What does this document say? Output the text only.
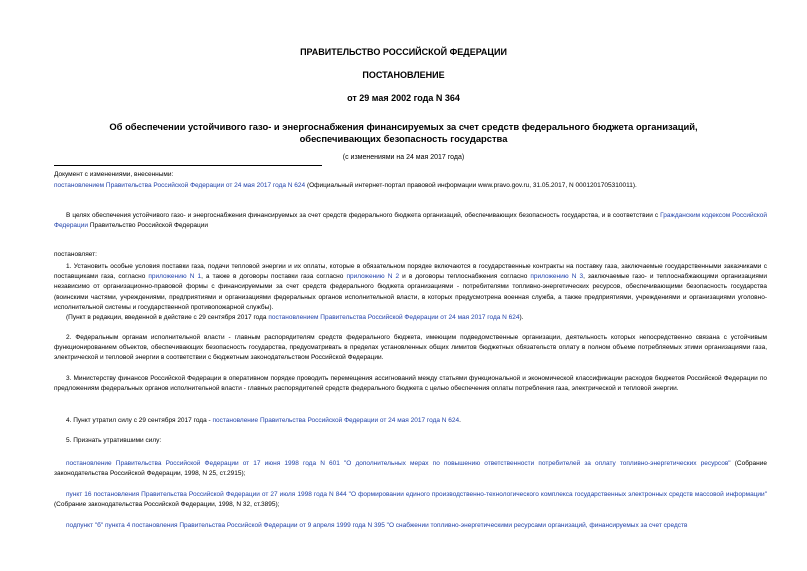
ПРАВИТЕЛЬСТВО РОССИЙСКОЙ ФЕДЕРАЦИИ
ПОСТАНОВЛЕНИЕ
от 29 мая 2002 года N 364
Об обеспечении устойчивого газо- и энергоснабжения финансируемых за счет средств федерального бюджета организаций, обеспечивающих безопасность государства
(с изменениями на 24 мая 2017 года)
Документ с изменениями, внесенными:
постановлением Правительства Российской Федерации от 24 мая 2017 года N 624 (Официальный интернет-портал правовой информации www.pravo.gov.ru, 31.05.2017, N 0001201705310011).
В целях обеспечения устойчивого газо- и энергоснабжения финансируемых за счет средств федерального бюджета организаций, обеспечивающих безопасность государства, и в соответствии с Гражданским кодексом Российской Федерации Правительство Российской Федерации
постановляет:
1. Установить особые условия поставки газа, подачи тепловой энергии и их оплаты, которые в обязательном порядке включаются в государственные контракты на поставку газа, заключаемые государственными заказчиками с поставщиками газа, согласно приложению N 1, а также в договоры поставки газа согласно приложению N 2 и в договоры теплоснабжения согласно приложению N 3, заключаемые газо- и теплоснабжающими организациями независимо от организационно-правовой формы с финансируемыми за счет средств федерального бюджета организациями - потребителями топливно-энергетических ресурсов, обеспечивающими безопасность государства (воинскими частями, учреждениями, предприятиями и организациями федеральных органов исполнительной власти, в которых предусмотрена военная служба, а также предприятиями, учреждениями и организациями уголовно-исполнительной системы и государственной противопожарной службы).
(Пункт в редакции, введенной в действие с 29 сентября 2017 года постановлением Правительства Российской Федерации от 24 мая 2017 года N 624).
2. Федеральным органам исполнительной власти - главным распорядителям средств федерального бюджета, имеющим подведомственные организации, деятельность которых непосредственно связана с устойчивым функционированием объектов, обеспечивающих безопасность государства, предусматривать в пределах установленных общих лимитов бюджетных обязательств оплату в полном объеме потребляемых этими организациями газа, электрической и тепловой энергии в соответствии с бюджетным законодательством Российской Федерации.
3. Министерству финансов Российской Федерации в оперативном порядке проводить перемещения ассигнований между статьями функциональной и экономической классификации расходов бюджетов Российской Федерации по предложениям федеральных органов исполнительной власти - главных распорядителей средств федерального бюджета с целью обеспечения оплаты потребления газа, электрической и тепловой энергии.
4. Пункт утратил силу с 29 сентября 2017 года - постановление Правительства Российской Федерации от 24 мая 2017 года N 624.
5. Признать утратившими силу:
постановление Правительства Российской Федерации от 17 июня 1998 года N 601 "О дополнительных мерах по повышению ответственности потребителей за оплату топливно-энергетических ресурсов" (Собрание законодательства Российской Федерации, 1998, N 25, ст.2915);
пункт 16 постановления Правительства Российской Федерации от 27 июля 1998 года N 844 "О формировании единого производственно-технологического комплекса государственных электронных средств массовой информации" (Собрание законодательства Российской Федерации, 1998, N 32, ст.3895);
подпункт "б" пункта 4 постановления Правительства Российской Федерации от 9 апреля 1999 года N 395 "О снабжении топливно-энергетическими ресурсами организаций, финансируемых за счет средств
